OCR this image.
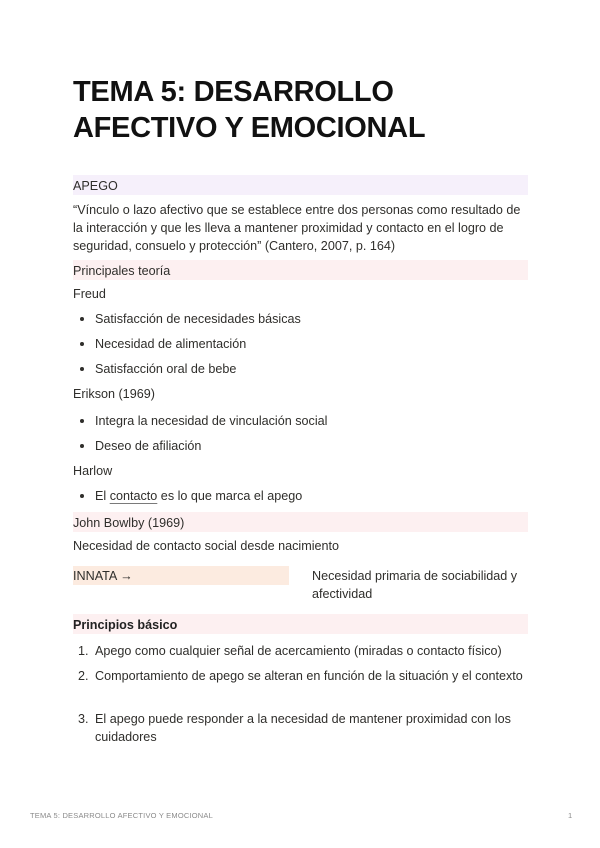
TEMA 5: DESARROLLO AFECTIVO Y EMOCIONAL
APEGO
“Vínculo o lazo afectivo que se establece entre dos personas como resultado de la interacción y que les lleva a mantener proximidad y contacto en el logro de seguridad, consuelo y protección” (Cantero, 2007, p. 164)
Principales teoría
Freud
Satisfacción de necesidades básicas
Necesidad de alimentación
Satisfacción oral de bebe
Erikson (1969)
Integra la necesidad de vinculación social
Deseo de afiliación
Harlow
El contacto es lo que marca el apego
John Bowlby (1969)
Necesidad de contacto social desde nacimiento
INNATA →	Necesidad primaria de sociabilidad y afectividad
Principios básico
1. Apego como cualquier señal de acercamiento (miradas o contacto físico)
2. Comportamiento de apego se alteran en función de la situación y el contexto
3. El apego puede responder a la necesidad de mantener proximidad con los cuidadores
TEMA 5: DESARROLLO AFECTIVO Y EMOCIONAL	1
